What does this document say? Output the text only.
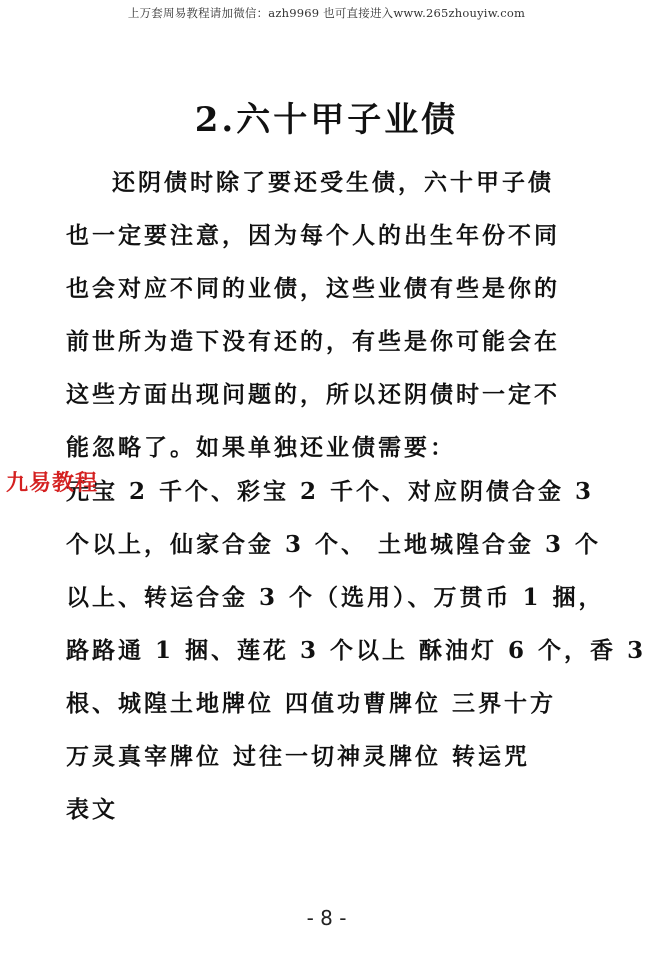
上万套周易教程请加微信：azh9969 也可直接进入www.265zhouyiw.com
2.六十甲子业债
还阴债时除了要还受生债，六十甲子债
也一定要注意，因为每个人的出生年份不同
也会对应不同的业债，这些业债有些是你的
前世所为造下没有还的，有些是你可能会在
这些方面出现问题的，所以还阴债时一定不
能忽略了。如果单独还业债需要：
元宝 2 千个、彩宝 2 千个、对应阴债合金 3
个以上，仙家合金 3 个、 土地城隍合金 3 个
以上、转运合金 3 个（选用）、万贯币 1 捆，
路路通 1 捆、莲花 3 个以上 酥油灯 6 个，香 3
根、城隍土地牌位 四值功曹牌位 三界十方
万灵真宰牌位 过往一切神灵牌位 转运咒
表文
九易教程
- 8 -
